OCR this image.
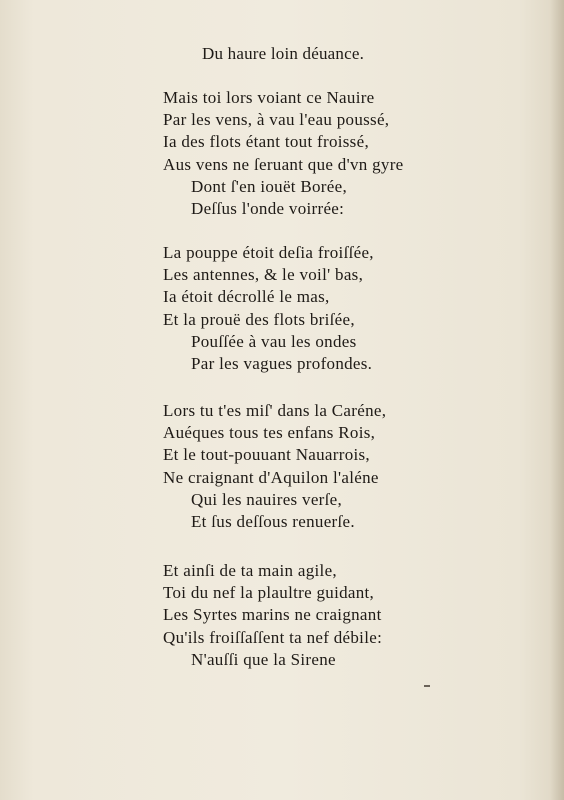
Du haure loin déuance.
Mais toi lors voiant ce Nauire
Par les vens, à vau l'eau poussé,
Ia des flots étant tout froissé,
Aus vens ne ſeruant que d'vn gyre
Dont ſ'en iouët Borée,
Deſſus l'onde voirrée:
La pouppe étoit deſia froiſſée,
Les antennes, & le voil' bas,
Ia étoit décrollé le mas,
Et la prouë des flots briſée,
Pouſſée à vau les ondes
Par les vagues profondes.
Lors tu t'es miſ' dans la Caréne,
Auéques tous tes enfans Rois,
Et le tout-pouuant Nauarrois,
Ne craignant d'Aquilon l'aléne
Qui les nauires verſe,
Et ſus deſſous renuerſe.
Et ainſi de ta main agile,
Toi du nef la plaultre guidant,
Les Syrtes marins ne craignant
Qu'ils froiſſaſſent ta nef débile:
N'auſſi que la Sirene
